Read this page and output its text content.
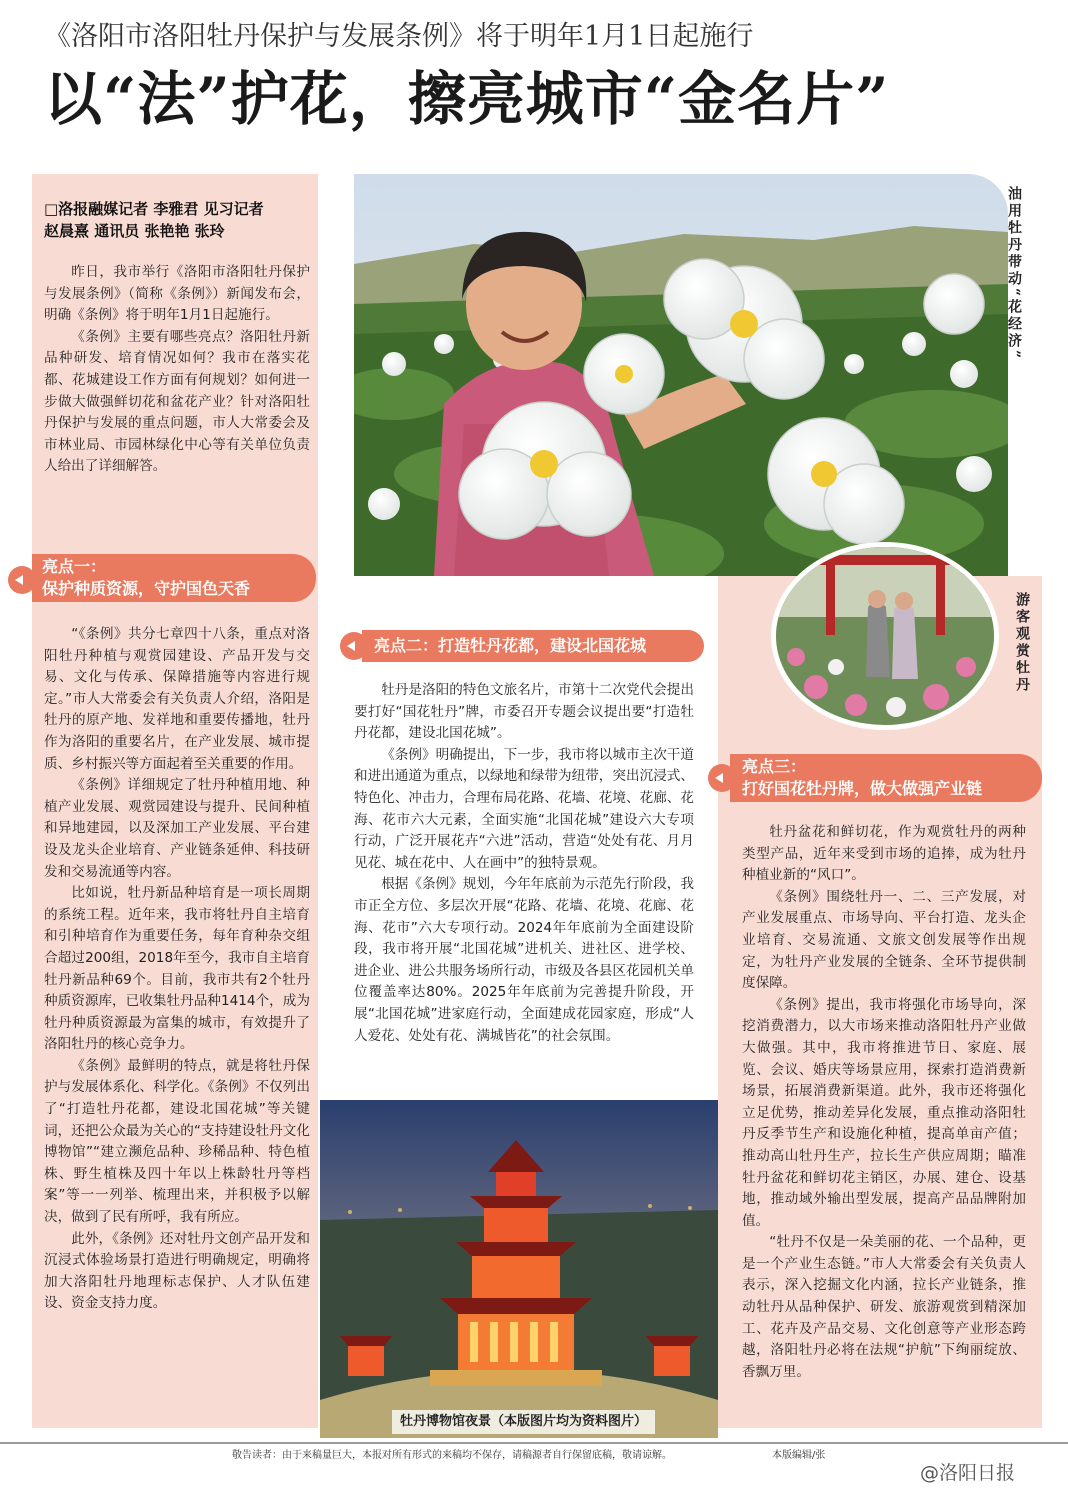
《洛阳市洛阳牡丹保护与发展条例》将于明年1月1日起施行
以“法”护花，擦亮城市“金名片”
□洛报融媒记者 李雅君 见习记者
赵晨熹 通讯员 张艳艳 张玲

昨日，我市举行《洛阳市洛阳牡丹保护与发展条例》（简称《条例》）新闻发布会，明确《条例》将于明年1月1日起施行。

《条例》主要有哪些亮点？洛阳牡丹新品种研发、培育情况如何？我市在落实花都、花城建设工作方面有何规划？如何进一步做大做强鲜切花和盆花产业？针对洛阳牡丹保护与发展的重点问题，市人大常委会及市林业局、市园林绿化中心等有关单位负责人给出了详细解答。

亮点一：
保护种质资源，守护国色天香

“《条例》共分七章四十八条，重点对洛阳牡丹种植与观赏园建设、产品开发与交易、文化与传承、保障措施等内容进行规定。”市人大常委会有关负责人介绍，洛阳是牡丹的原产地、发祥地和重要传播地，牡丹作为洛阳的重要名片，在产业发展、城市提质、乡村振兴等方面起着至关重要的作用。

《条例》详细规定了牡丹种植用地、种植产业发展、观赏园建设与提升、民间种植和异地建园，以及深加工产业发展、平台建设及龙头企业培育、产业链条延伸、科技研发和交易流通等内容。

比如说，牡丹新品种培育是一项长周期的系统工程。近年来，我市将牡丹自主培育和引种培育作为重要任务，每年育种杂交组合超过200组，2018年至今，我市自主培育牡丹新品种69个。目前，我市共有2个牡丹种质资源库，已收集牡丹品种1414个，成为牡丹种质资源最为富集的城市，有效提升了洛阳牡丹的核心竞争力。

《条例》最鲜明的特点，就是将牡丹保护与发展体系化、科学化。《条例》不仅列出了“打造牡丹花都，建设北国花城”等关键词，还把公众最为关心的“支持建设牡丹文化博物馆”“建立濒危品种、珍稀品种、特色植株、野生植株及四十年以上株龄牡丹等档案”等一一列举、梳理出来，并积极予以解决，做到了民有所呼，我有所应。

此外，《条例》还对牡丹文创产品开发和沉浸式体验场景打造进行明确规定，明确将加大洛阳牡丹地理标志保护、人才队伍建设、资金支持力度。

油用牡丹带动“花经济”
游客观赏牡丹
亮点二：打造牡丹花都，建设北国花城

牡丹是洛阳的特色文旅名片，市第十二次党代会提出要打好“国花牡丹”牌，市委召开专题会议提出要“打造牡丹花都，建设北国花城”。

《条例》明确提出，下一步，我市将以城市主次干道和进出通道为重点，以绿地和绿带为纽带，突出沉浸式、特色化、冲击力，合理布局花路、花墙、花境、花廊、花海、花市六大元素，全面实施“北国花城”建设六大专项行动，广泛开展花卉“六进”活动，营造“处处有花、月月见花、城在花中、人在画中”的独特景观。

根据《条例》规划，今年年底前为示范先行阶段，我市正全方位、多层次开展“花路、花墙、花境、花廊、花海、花市”六大专项行动。2024年年底前为全面建设阶段，我市将开展“北国花城”进机关、进社区、进学校、进企业、进公共服务场所行动，市级及各县区花园机关单位覆盖率达80%。2025年年底前为完善提升阶段，开展“北国花城”进家庭行动，全面建成花园家庭，形成“人人爱花、处处有花、满城皆花”的社会氛围。

牡丹博物馆夜景（本版图片均为资料图片）
亮点三：
打好国花牡丹牌，做大做强产业链

牡丹盆花和鲜切花，作为观赏牡丹的两种类型产品，近年来受到市场的追捧，成为牡丹种植业新的“风口”。

《条例》围绕牡丹一、二、三产发展，对产业发展重点、市场导向、平台打造、龙头企业培育、交易流通、文旅文创发展等作出规定，为牡丹产业发展的全链条、全环节提供制度保障。

《条例》提出，我市将强化市场导向，深挖消费潜力，以大市场来推动洛阳牡丹产业做大做强。其中，我市将推进节日、家庭、展览、会议、婚庆等场景应用，探索打造消费新场景，拓展消费新渠道。此外，我市还将强化立足优势，推动差异化发展，重点推动洛阳牡丹反季节生产和设施化种植，提高单亩产值；推动高山牡丹生产，拉长生产供应周期；瞄准牡丹盆花和鲜切花主销区，办展、建仓、设基地，推动域外输出型发展，提高产品品牌附加值。

“牡丹不仅是一朵美丽的花、一个品种，更是一个产业生态链。”市人大常委会有关负责人表示，深入挖掘文化内涵，拉长产业链条，推动牡丹从品种保护、研发、旅游观赏到精深加工、花卉及产品交易、文化创意等产业形态跨越，洛阳牡丹必将在法规“护航”下绚丽绽放、香飘万里。

敬告读者：由于来稿量巨大，本报对所有形式的来稿均不保存，请稿源者自行保留底稿，敬请谅解。	本版编辑/张
@洛阳日报
